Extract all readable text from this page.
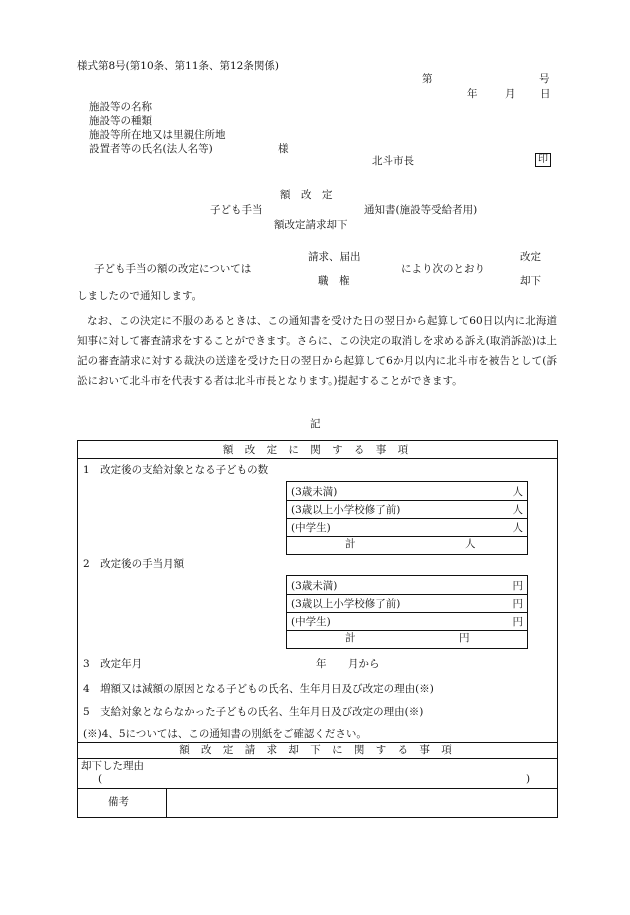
様式第8号(第10条、第11条、第12条関係)
第	号
年	月 日
施設等の名称
施設等の種類
施設等所在地又は里親住所地
設置者等の氏名(法人名等)	様
北斗市長	印
額　改　定
子ども手当	通知書(施設等受給者用)
額改定請求却下
子ども手当の額の改定については
請求、届出
職　権
により次のとおり
改定
却下
しましたので通知します。
なお、この決定に不服のあるときは、この通知書を受けた日の翌日から起算して60日以内に北海道知事に対して審査請求をすることができます。さらに、この決定の取消しを求める訴え(取消訴訟)は上記の審査請求に対する裁決の送達を受けた日の翌日から起算して6か月以内に北斗市を被告として(訴訟において北斗市を代表する者は北斗市長となります。)提起することができます。
記
額 改 定 に 関 す る 事 項
1　改定後の支給対象となる子どもの数
(3歳未満)	人
(3歳以上小学校修了前)	人
(中学生)	人
計	人
2　改定後の手当月額
(3歳未満)	円
(3歳以上小学校修了前)	円
(中学生)	円
計	円
3　改定年月	年 月から
4　増額又は減額の原因となる子どもの氏名、生年月日及び改定の理由(※)
5　支給対象とならなかった子どもの氏名、生年月日及び改定の理由(※)
(※)4、5については、この通知書の別紙をご確認ください。
額 改 定 請 求 却 下 に 関 す る 事 項
却下した理由
(	)
備考
